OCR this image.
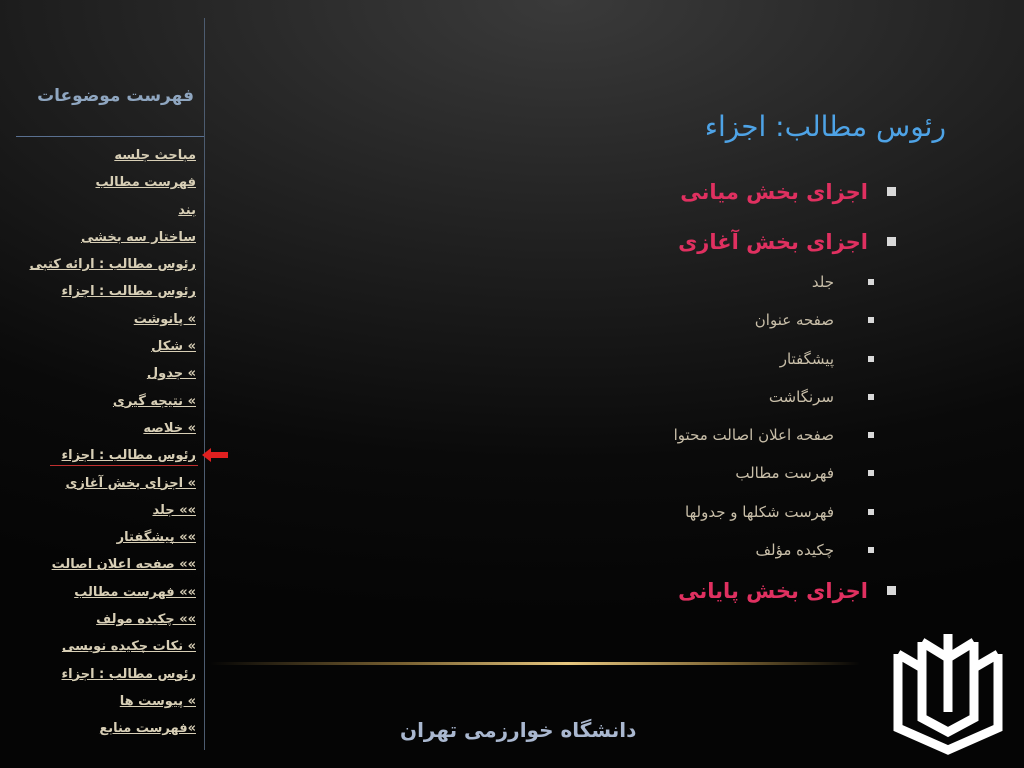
فهرست موضوعات
مباحث جلسه
فهرست مطالب
بند
ساختار سه بخشی
رئوس مطالب : ارائه کتبی
رئوس مطالب : اجزاء
» پانوشت
» شکل
» جدول
» نتیجه گیری
» خلاصه
رئوس مطالب : اجزاء
» اجزای بخش آغازی
»» جلد
»» پیشگفتار
»» صفحه اعلان اصالت
»» فهرست مطالب
»» چکیده مولف
» نکات چکیده نویسی
رئوس مطالب : اجزاء
» پیوست ها
»فهرست منابع
رئوس مطالب: اجزاء
اجزای بخش میانی
اجزای بخش آغازی
جلد
صفحه عنوان
پیشگفتار
سرنگاشت
صفحه اعلان اصالت محتوا
فهرست مطالب
فهرست شکلها و جدولها
چکیده مؤلف
اجزای بخش پایانی
دانشگاه خوارزمی تهران
